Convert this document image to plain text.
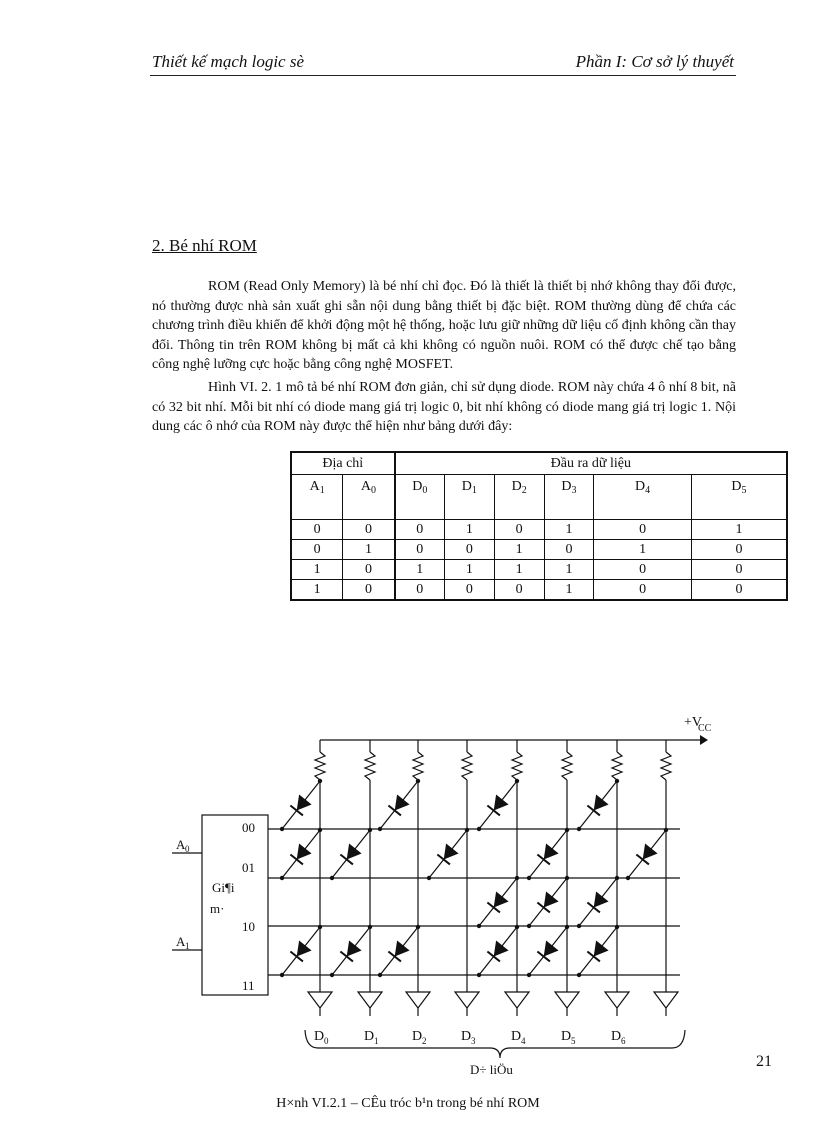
Thiết kế mạch logic sè	Phần I: Cơ sở lý thuyết
2. Bé nhí ROM

ROM (Read Only Memory) là bé nhí chỉ đọc. Đó là thiết là thiết bị nhớ không thay đổi được, nó thường được nhà sản xuất ghi sẵn nội dung bằng thiết bị đặc biệt. ROM thường dùng để chứa các chương trình điều khiển để khởi động một hệ thống, hoặc lưu giữ những dữ liệu cố định không cần thay đổi. Thông tin trên ROM không bị mất cả khi không có nguồn nuôi. ROM có thể được chế tạo bằng công nghệ lưỡng cực hoặc bằng công nghệ MOSFET.

Hình VI. 2. 1 mô tả bé nhí ROM đơn giản, chỉ sử dụng diode. ROM này chứa 4 ô nhí 8 bit, nã có 32 bit nhí. Mỗi bit nhí có diode mang giá trị logic 0, bit nhí không có diode mang giá trị logic 1. Nội dung các ô nhớ của ROM này được thể hiện như bảng dưới đây:

Địa chỉ		Đầu ra dữ liệu					
$A_1$	$A_0$	$D_0$	$D_1$	$D_2$	$D_3$	$D_4$	$D_5$
0	0	0	1	0	1	0	1
0	1	0	0	1	0	1	0
1	0	1	1	1	1	0	0
1	0	0	0	0	1	0	0
+V
CC
Gi¶i
m·
A 0
A 1
00
01
10
11
D 0	D 1 D 2 D 3	D 4	D 5	D 6
D÷ liÖu	21
H×nh VI.2.1 – CÊu tróc b¹n trong bé nhí ROM
